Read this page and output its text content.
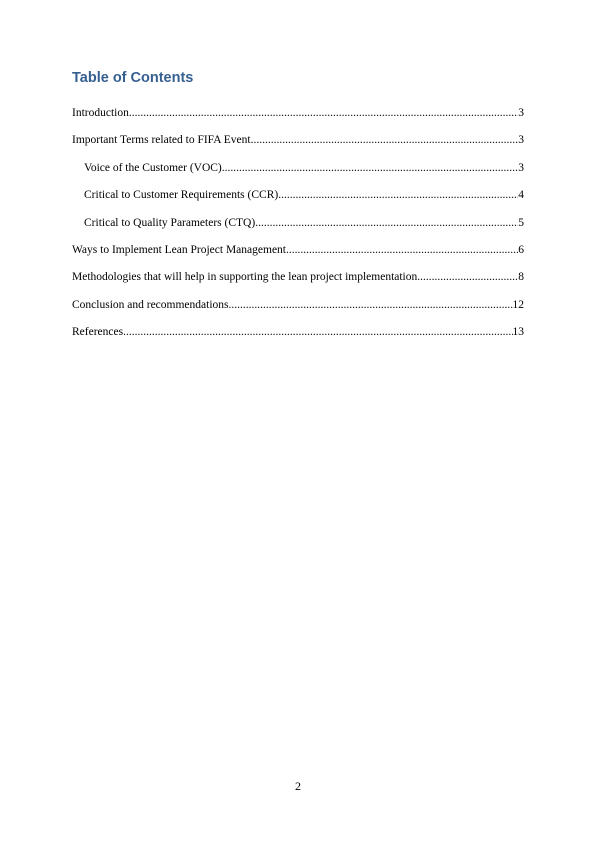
Table of Contents
Introduction .....	3
Important Terms related to FIFA Event .....	3
Voice of the Customer (VOC) .....	3
Critical to Customer Requirements (CCR) .....	4
Critical to Quality Parameters (CTQ) .....	5
Ways to Implement Lean Project Management .....	6
Methodologies that will help in supporting the lean project implementation .....	8
Conclusion and recommendations .....	12
References .....	13
2
